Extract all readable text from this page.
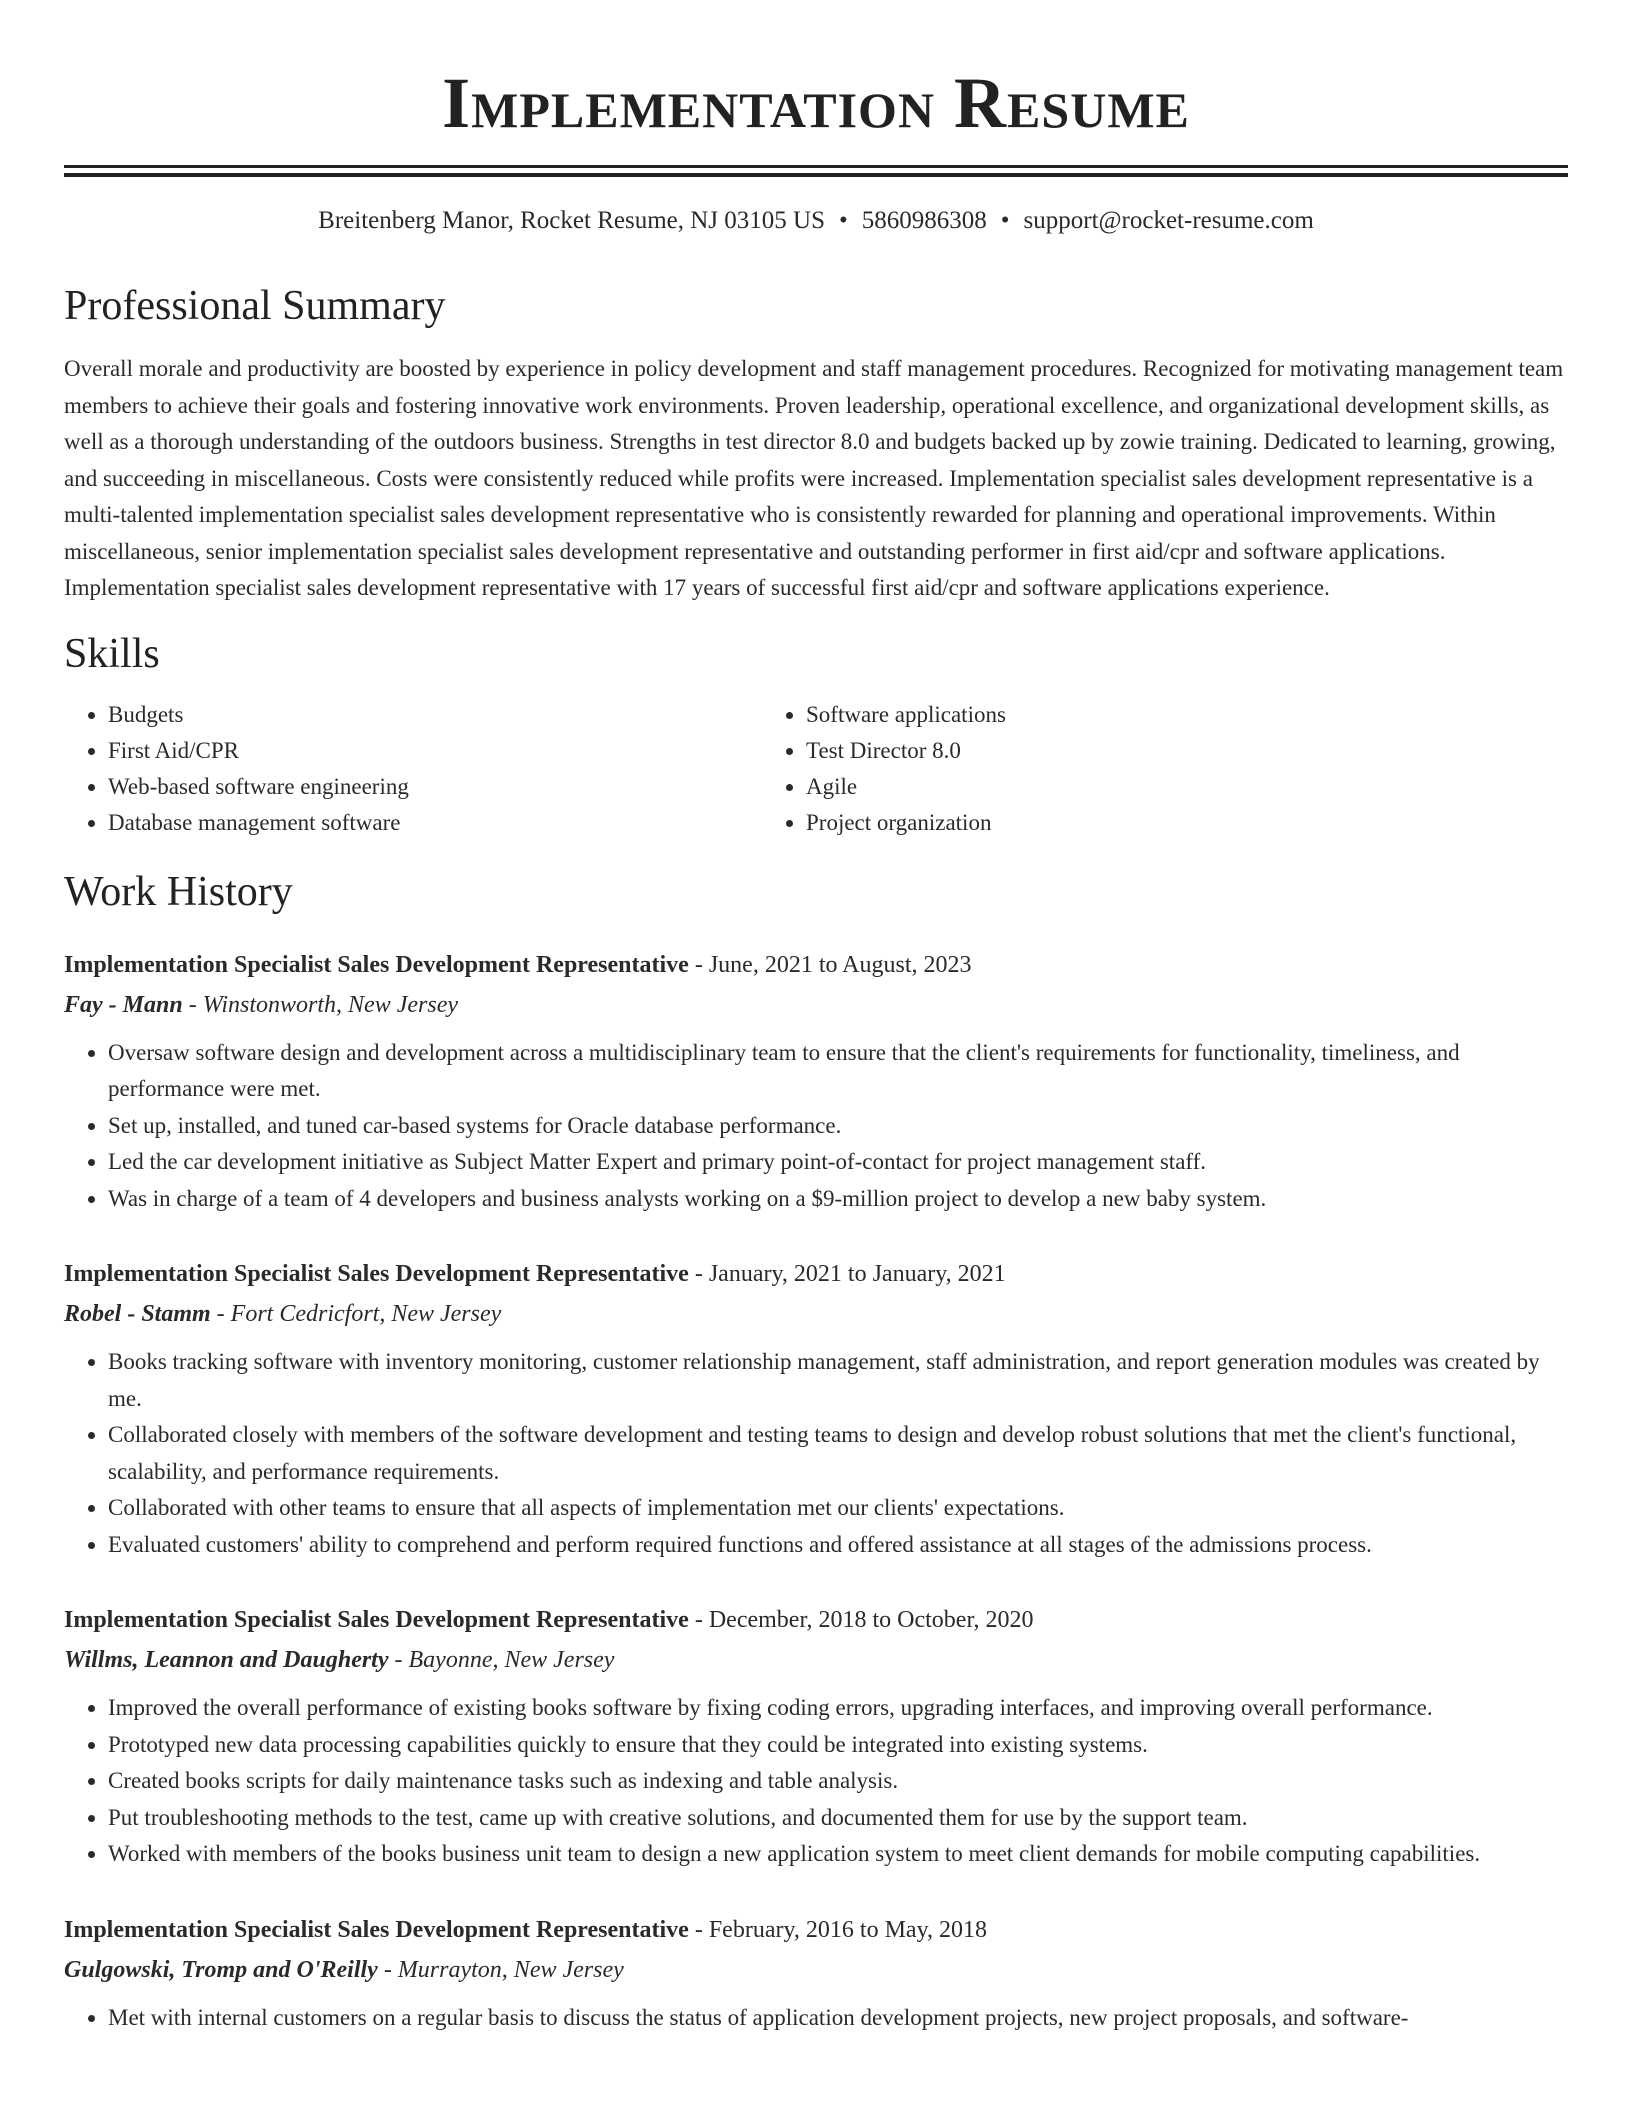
Implementation Resume
Breitenberg Manor, Rocket Resume, NJ 03105 US • 5860986308 • support@rocket-resume.com
Professional Summary

Overall morale and productivity are boosted by experience in policy development and staff management procedures. Recognized for motivating management team members to achieve their goals and fostering innovative work environments. Proven leadership, operational excellence, and organizational development skills, as well as a thorough understanding of the outdoors business. Strengths in test director 8.0 and budgets backed up by zowie training. Dedicated to learning, growing, and succeeding in miscellaneous. Costs were consistently reduced while profits were increased. Implementation specialist sales development representative is a multi-talented implementation specialist sales development representative who is consistently rewarded for planning and operational improvements. Within miscellaneous, senior implementation specialist sales development representative and outstanding performer in first aid/cpr and software applications. Implementation specialist sales development representative with 17 years of successful first aid/cpr and software applications experience.

Skills
• Budgets
• First Aid/CPR
• Web-based software engineering
• Database management software
• Software applications
• Test Director 8.0
• Agile
• Project organization
Work History
Implementation Specialist Sales Development Representative - June, 2021 to August, 2023
Fay - Mann - Winstonworth, New Jersey
• Oversaw software design and development across a multidisciplinary team to ensure that the client's requirements for functionality, timeliness, and performance were met.
• Set up, installed, and tuned car-based systems for Oracle database performance.
• Led the car development initiative as Subject Matter Expert and primary point-of-contact for project management staff.
• Was in charge of a team of 4 developers and business analysts working on a $9-million project to develop a new baby system.
Implementation Specialist Sales Development Representative - January, 2021 to January, 2021
Robel - Stamm - Fort Cedricfort, New Jersey
• Books tracking software with inventory monitoring, customer relationship management, staff administration, and report generation modules was created by me.
• Collaborated closely with members of the software development and testing teams to design and develop robust solutions that met the client's functional, scalability, and performance requirements.
• Collaborated with other teams to ensure that all aspects of implementation met our clients' expectations.
• Evaluated customers' ability to comprehend and perform required functions and offered assistance at all stages of the admissions process.
Implementation Specialist Sales Development Representative - December, 2018 to October, 2020
Willms, Leannon and Daugherty - Bayonne, New Jersey
• Improved the overall performance of existing books software by fixing coding errors, upgrading interfaces, and improving overall performance.
• Prototyped new data processing capabilities quickly to ensure that they could be integrated into existing systems.
• Created books scripts for daily maintenance tasks such as indexing and table analysis.
• Put troubleshooting methods to the test, came up with creative solutions, and documented them for use by the support team.
• Worked with members of the books business unit team to design a new application system to meet client demands for mobile computing capabilities.
Implementation Specialist Sales Development Representative - February, 2016 to May, 2018
Gulgowski, Tromp and O'Reilly - Murrayton, New Jersey
• Met with internal customers on a regular basis to discuss the status of application development projects, new project proposals, and software-
